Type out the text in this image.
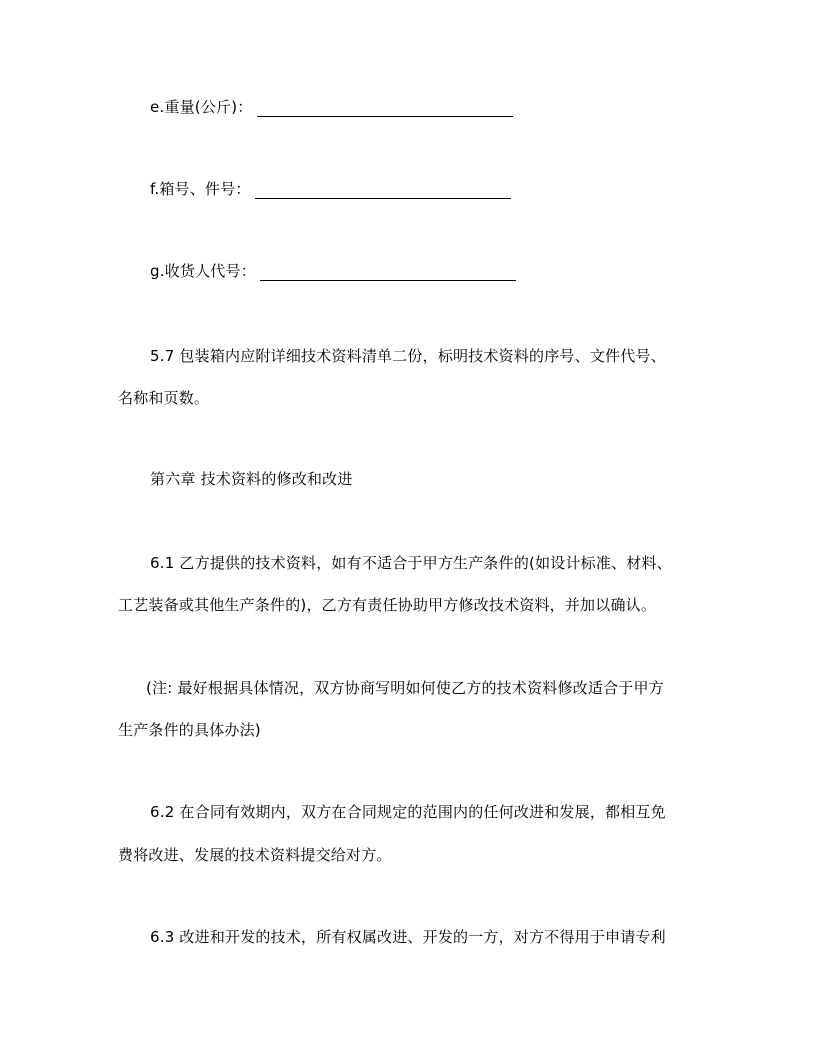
e.重量(公斤)：
f.箱号、件号：
g.收货人代号：
5.7 包装箱内应附详细技术资料清单二份，标明技术资料的序号、文件代号、
名称和页数。
第六章 技术资料的修改和改进
6.1 乙方提供的技术资料，如有不适合于甲方生产条件的(如设计标准、材料、
工艺装备或其他生产条件的)，乙方有责任协助甲方修改技术资料，并加以确认。
(注: 最好根据具体情况，双方协商写明如何使乙方的技术资料修改适合于甲方
生产条件的具体办法)
6.2 在合同有效期内，双方在合同规定的范围内的任何改进和发展，都相互免
费将改进、发展的技术资料提交给对方。
6.3 改进和开发的技术，所有权属改进、开发的一方，对方不得用于申请专利
